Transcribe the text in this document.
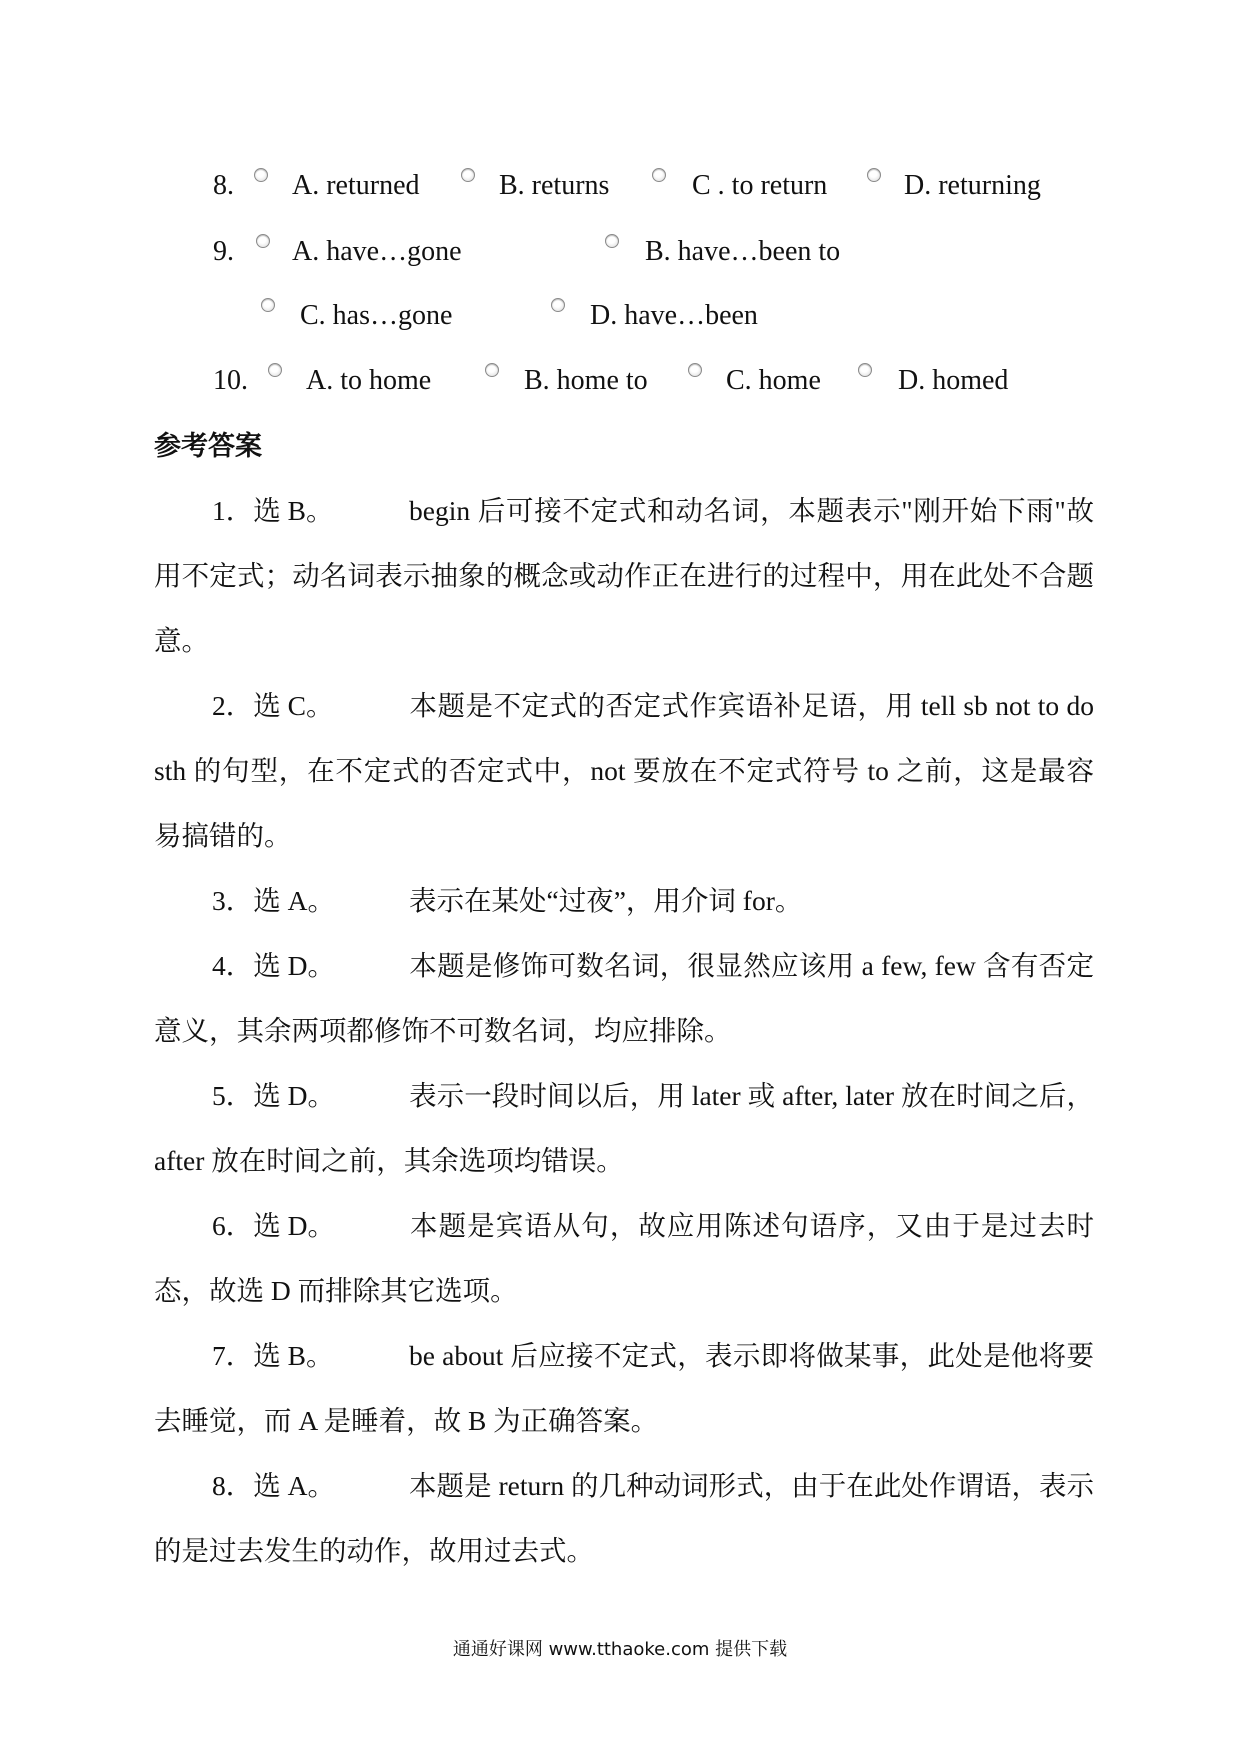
8. A. returned	B. returns	C . to return	D. returning
9. A. have…gone	B. have…been to
C. has…gone	D. have…been
10. A. to home	B. home to	C. home	D. homed
参考答案
1．选 B。	begin 后可接不定式和动名词，本题表示"刚开始下雨"故用不定式；动名词表示抽象的概念或动作正在进行的过程中，用在此处不合题意。
2．选 C。	本题是不定式的否定式作宾语补足语，用 tell sb not to do sth 的句型，在不定式的否定式中，not 要放在不定式符号 to 之前，这是最容易搞错的。
3．选 A。	表示在某处“过夜”，用介词 for。
4．选 D。	本题是修饰可数名词，很显然应该用 a few, few 含有否定意义，其余两项都修饰不可数名词，均应排除。
5．选 D。	表示一段时间以后，用 later 或 after, later 放在时间之后，after 放在时间之前，其余选项均错误。
6．选 D。	本题是宾语从句，故应用陈述句语序，又由于是过去时态，故选 D 而排除其它选项。
7．选 B。	be about 后应接不定式，表示即将做某事，此处是他将要去睡觉，而 A 是睡着，故 B 为正确答案。
8．选 A。	本题是 return 的几种动词形式，由于在此处作谓语，表示的是过去发生的动作，故用过去式。
通通好课网 www.tthaoke.com 提供下载
